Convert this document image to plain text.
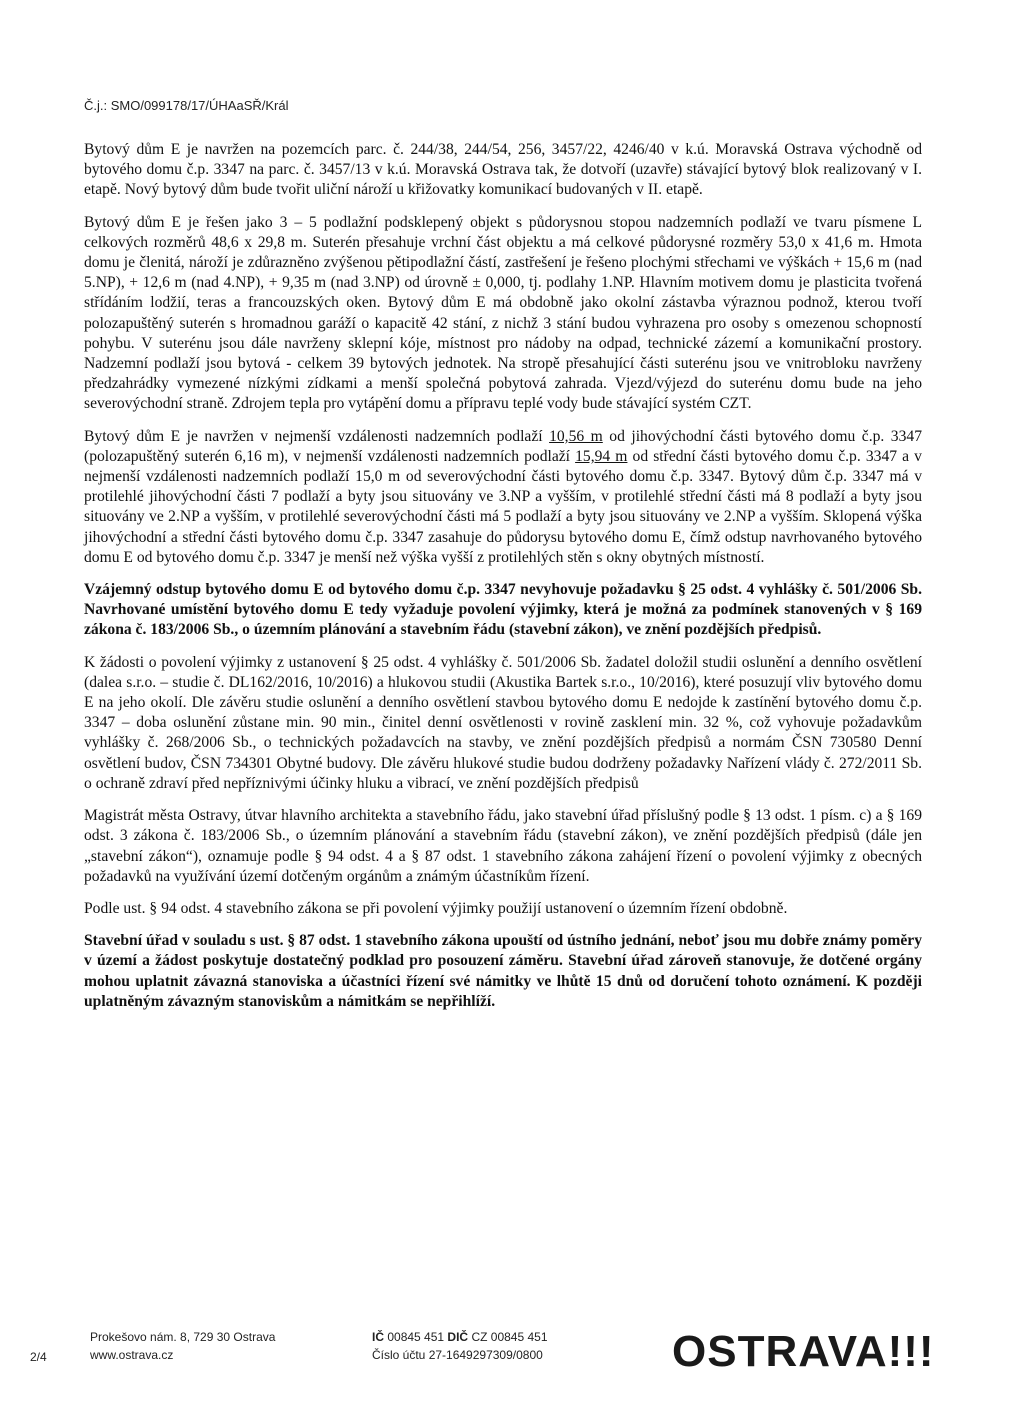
Č.j.: SMO/099178/17/ÚHAaSŘ/Král

Bytový dům E je navržen na pozemcích parc. č. 244/38, 244/54, 256, 3457/22, 4246/40 v k.ú. Moravská Ostrava východně od bytového domu č.p. 3347 na parc. č. 3457/13 v k.ú. Moravská Ostrava tak, že dotvoří (uzavře) stávající bytový blok realizovaný v I. etapě. Nový bytový dům bude tvořit uliční nároží u křižovatky komunikací budovaných v II. etapě.

Bytový dům E je řešen jako 3 – 5 podlažní podsklepený objekt s půdorysnou stopou nadzemních podlaží ve tvaru písmene L celkových rozměrů 48,6 x 29,8 m. Suterén přesahuje vrchní část objektu a má celkové půdorysné rozměry 53,0 x 41,6 m. Hmota domu je členitá, nároží je zdůrazněno zvýšenou pětipodlažní částí, zastřešení je řešeno plochými střechami ve výškách + 15,6 m (nad 5.NP), + 12,6 m (nad 4.NP), + 9,35 m (nad 3.NP) od úrovně ± 0,000, tj. podlahy 1.NP. Hlavním motivem domu je plasticita tvořená střídáním lodžií, teras a francouzských oken. Bytový dům E má obdobně jako okolní zástavba výraznou podnož, kterou tvoří polozapuštěný suterén s hromadnou garáží o kapacitě 42 stání, z nichž 3 stání budou vyhrazena pro osoby s omezenou schopností pohybu. V suterénu jsou dále navrženy sklepní kóje, místnost pro nádoby na odpad, technické zázemí a komunikační prostory. Nadzemní podlaží jsou bytová - celkem 39 bytových jednotek. Na stropě přesahující části suterénu jsou ve vnitrobloku navrženy předzahrádky vymezené nízkými zídkami a menší společná pobytová zahrada. Vjezd/výjezd do suterénu domu bude na jeho severovýchodní straně. Zdrojem tepla pro vytápění domu a přípravu teplé vody bude stávající systém CZT.

Bytový dům E je navržen v nejmenší vzdálenosti nadzemních podlaží 10,56 m od jihovýchodní části bytového domu č.p. 3347 (polozapuštěný suterén 6,16 m), v nejmenší vzdálenosti nadzemních podlaží 15,94 m od střední části bytového domu č.p. 3347 a v nejmenší vzdálenosti nadzemních podlaží 15,0 m od severovýchodní části bytového domu č.p. 3347. Bytový dům č.p. 3347 má v protilehlé jihovýchodní části 7 podlaží a byty jsou situovány ve 3.NP a vyšším, v protilehlé střední části má 8 podlaží a byty jsou situovány ve 2.NP a vyšším, v protilehlé severovýchodní části má 5 podlaží a byty jsou situovány ve 2.NP a vyšším. Sklopená výška jihovýchodní a střední části bytového domu č.p. 3347 zasahuje do půdorysu bytového domu E, čímž odstup navrhovaného bytového domu E od bytového domu č.p. 3347 je menší než výška vyšší z protilehlých stěn s okny obytných místností.

Vzájemný odstup bytového domu E od bytového domu č.p. 3347 nevyhovuje požadavku § 25 odst. 4 vyhlášky č. 501/2006 Sb. Navrhované umístění bytového domu E tedy vyžaduje povolení výjimky, která je možná za podmínek stanovených v § 169 zákona č. 183/2006 Sb., o územním plánování a stavebním řádu (stavební zákon), ve znění pozdějších předpisů.

K žádosti o povolení výjimky z ustanovení § 25 odst. 4 vyhlášky č. 501/2006 Sb. žadatel doložil studii oslunění a denního osvětlení (dalea s.r.o. – studie č. DL162/2016, 10/2016) a hlukovou studii (Akustika Bartek s.r.o., 10/2016), které posuzují vliv bytového domu E na jeho okolí. Dle závěru studie oslunění a denního osvětlení stavbou bytového domu E nedojde k zastínění bytového domu č.p. 3347 – doba oslunění zůstane min. 90 min., činitel denní osvětlenosti v rovině zasklení min. 32 %, což vyhovuje požadavkům vyhlášky č. 268/2006 Sb., o technických požadavcích na stavby, ve znění pozdějších předpisů a normám ČSN 730580 Denní osvětlení budov, ČSN 734301 Obytné budovy. Dle závěru hlukové studie budou dodrženy požadavky Nařízení vlády č. 272/2011 Sb. o ochraně zdraví před nepříznivými účinky hluku a vibrací, ve znění pozdějších předpisů

Magistrát města Ostravy, útvar hlavního architekta a stavebního řádu, jako stavební úřad příslušný podle § 13 odst. 1 písm. c) a § 169 odst. 3 zákona č. 183/2006 Sb., o územním plánování a stavebním řádu (stavební zákon), ve znění pozdějších předpisů (dále jen „stavební zákon“), oznamuje podle § 94 odst. 4 a § 87 odst. 1 stavebního zákona zahájení řízení o povolení výjimky z obecných požadavků na využívání území dotčeným orgánům a známým účastníkům řízení.

Podle ust. § 94 odst. 4 stavebního zákona se při povolení výjimky použijí ustanovení o územním řízení obdobně.

Stavební úřad v souladu s ust. § 87 odst. 1 stavebního zákona upouští od ústního jednání, neboť jsou mu dobře známy poměry v území a žádost poskytuje dostatečný podklad pro posouzení záměru. Stavební úřad zároveň stanovuje, že dotčené orgány mohou uplatnit závazná stanoviska a účastníci řízení své námitky ve lhůtě 15 dnů od doručení tohoto oznámení. K později uplatněným závazným stanoviskům a námitkám se nepřihlíží.

2/4
Prokešovo nám. 8, 729 30 Ostrava
www.ostrava.cz
IČ 00845 451 DIČ CZ 00845 451
Číslo účtu 27-1649297309/0800	OSTRAVA!!!
